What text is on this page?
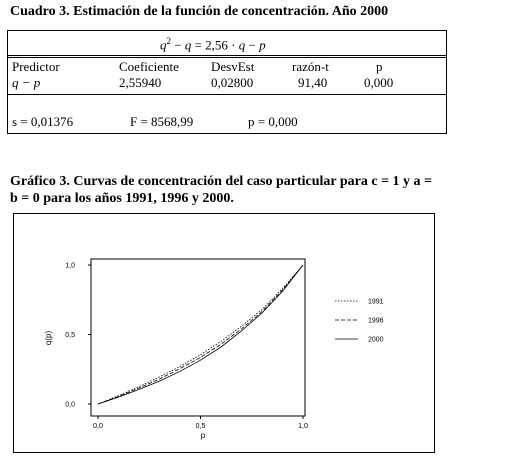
Cuadro 3. Estimación de la función de concentración. Año 2000
$q^2 - q = 2,56 \cdot q - p$
Predictor	Coeficiente DesvEst	razón-t	p
q − p	2,55940	0,02800	91,40	0,000
s = 0,01376	F = 8568,99	p = 0,000
Gráfico 3. Curvas de concentración del caso particular para c = 1 y a =
b = 0 para los años 1991, 1996 y 2000.
0,0
0,0
0,5
0,5
1,0
1,0
1991
1996
2000
p
q(p)
